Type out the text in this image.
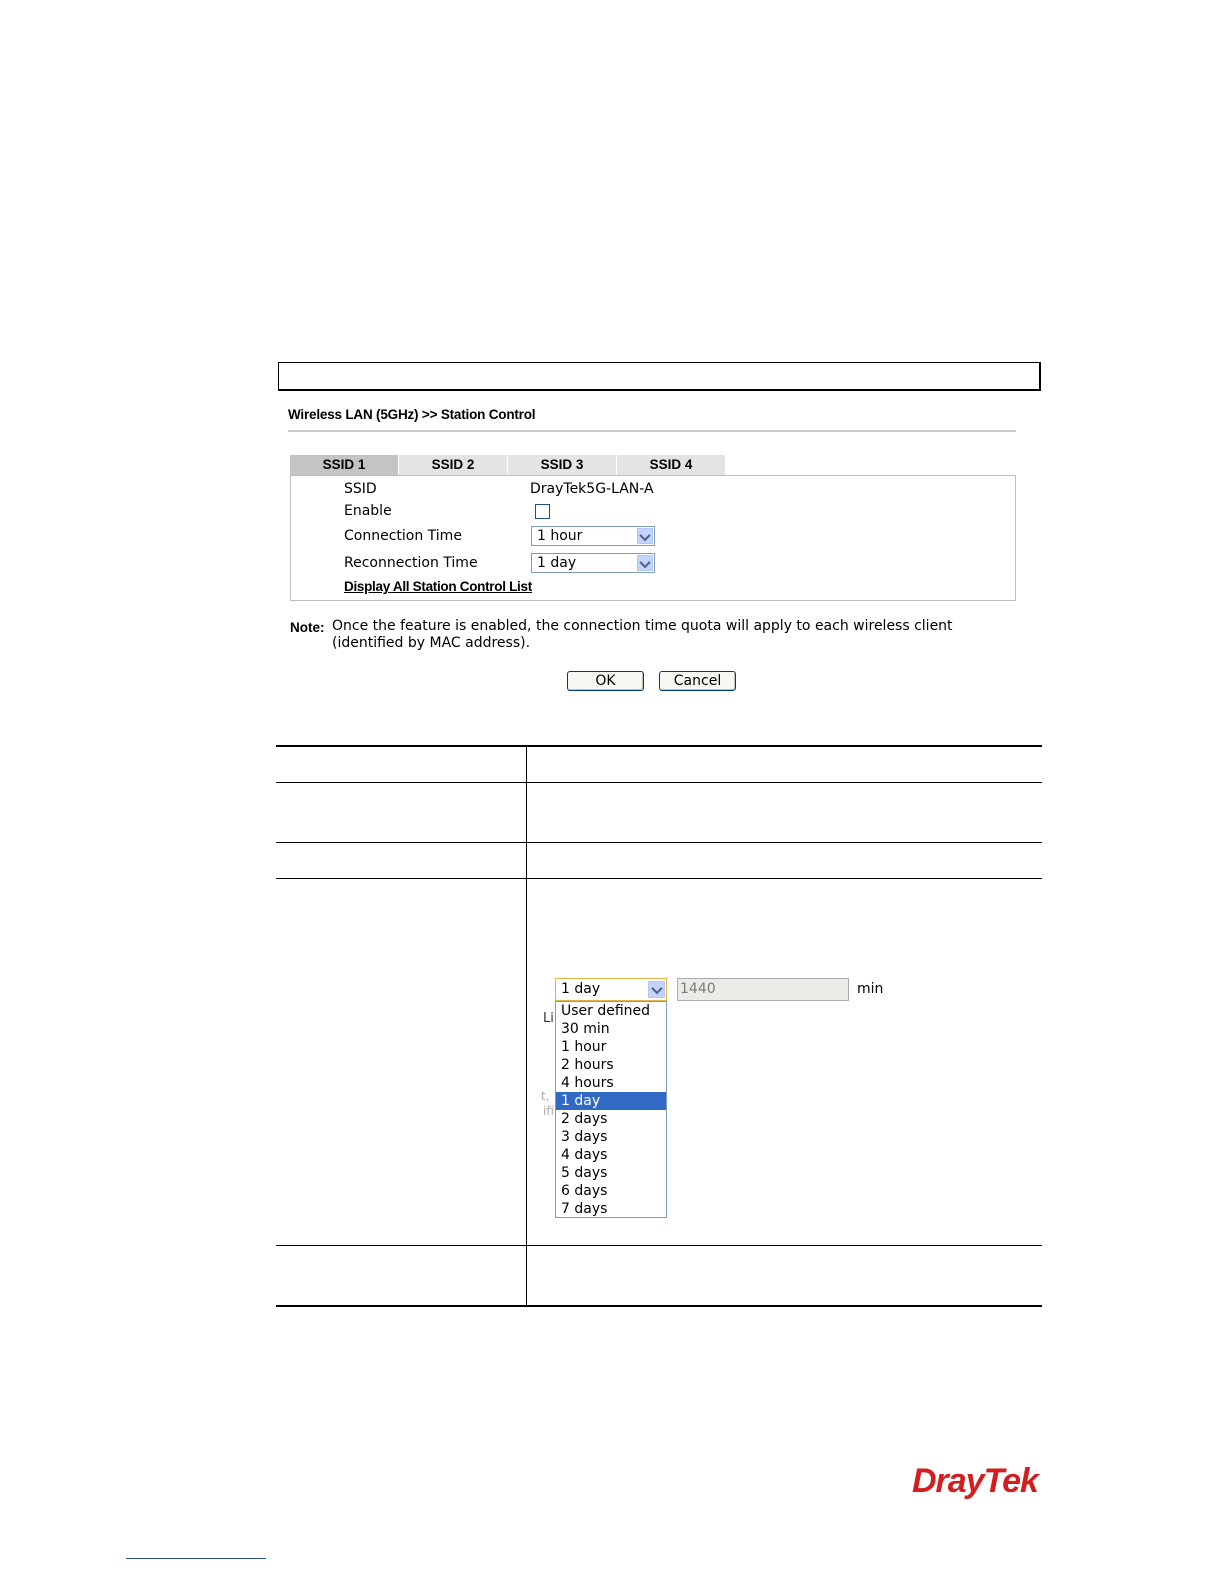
Wireless LAN (5GHz) >> Station Control
SSID 1	SSID 2	SSID 3	SSID 4
SSID	DrayTek5G-LAN-A
Enable
Connection Time	1 hour
Reconnection Time	1 day
Display All Station Control List
Note: Once the feature is enabled, the connection time quota will apply to each wireless client (identified by MAC address).
OK	Cancel
Li
t,
ifi
1 day	1440	min
User defined
30 min
1 hour
2 hours
4 hours
1 day
2 days
3 days
4 days
5 days
6 days
7 days
DrayTek
